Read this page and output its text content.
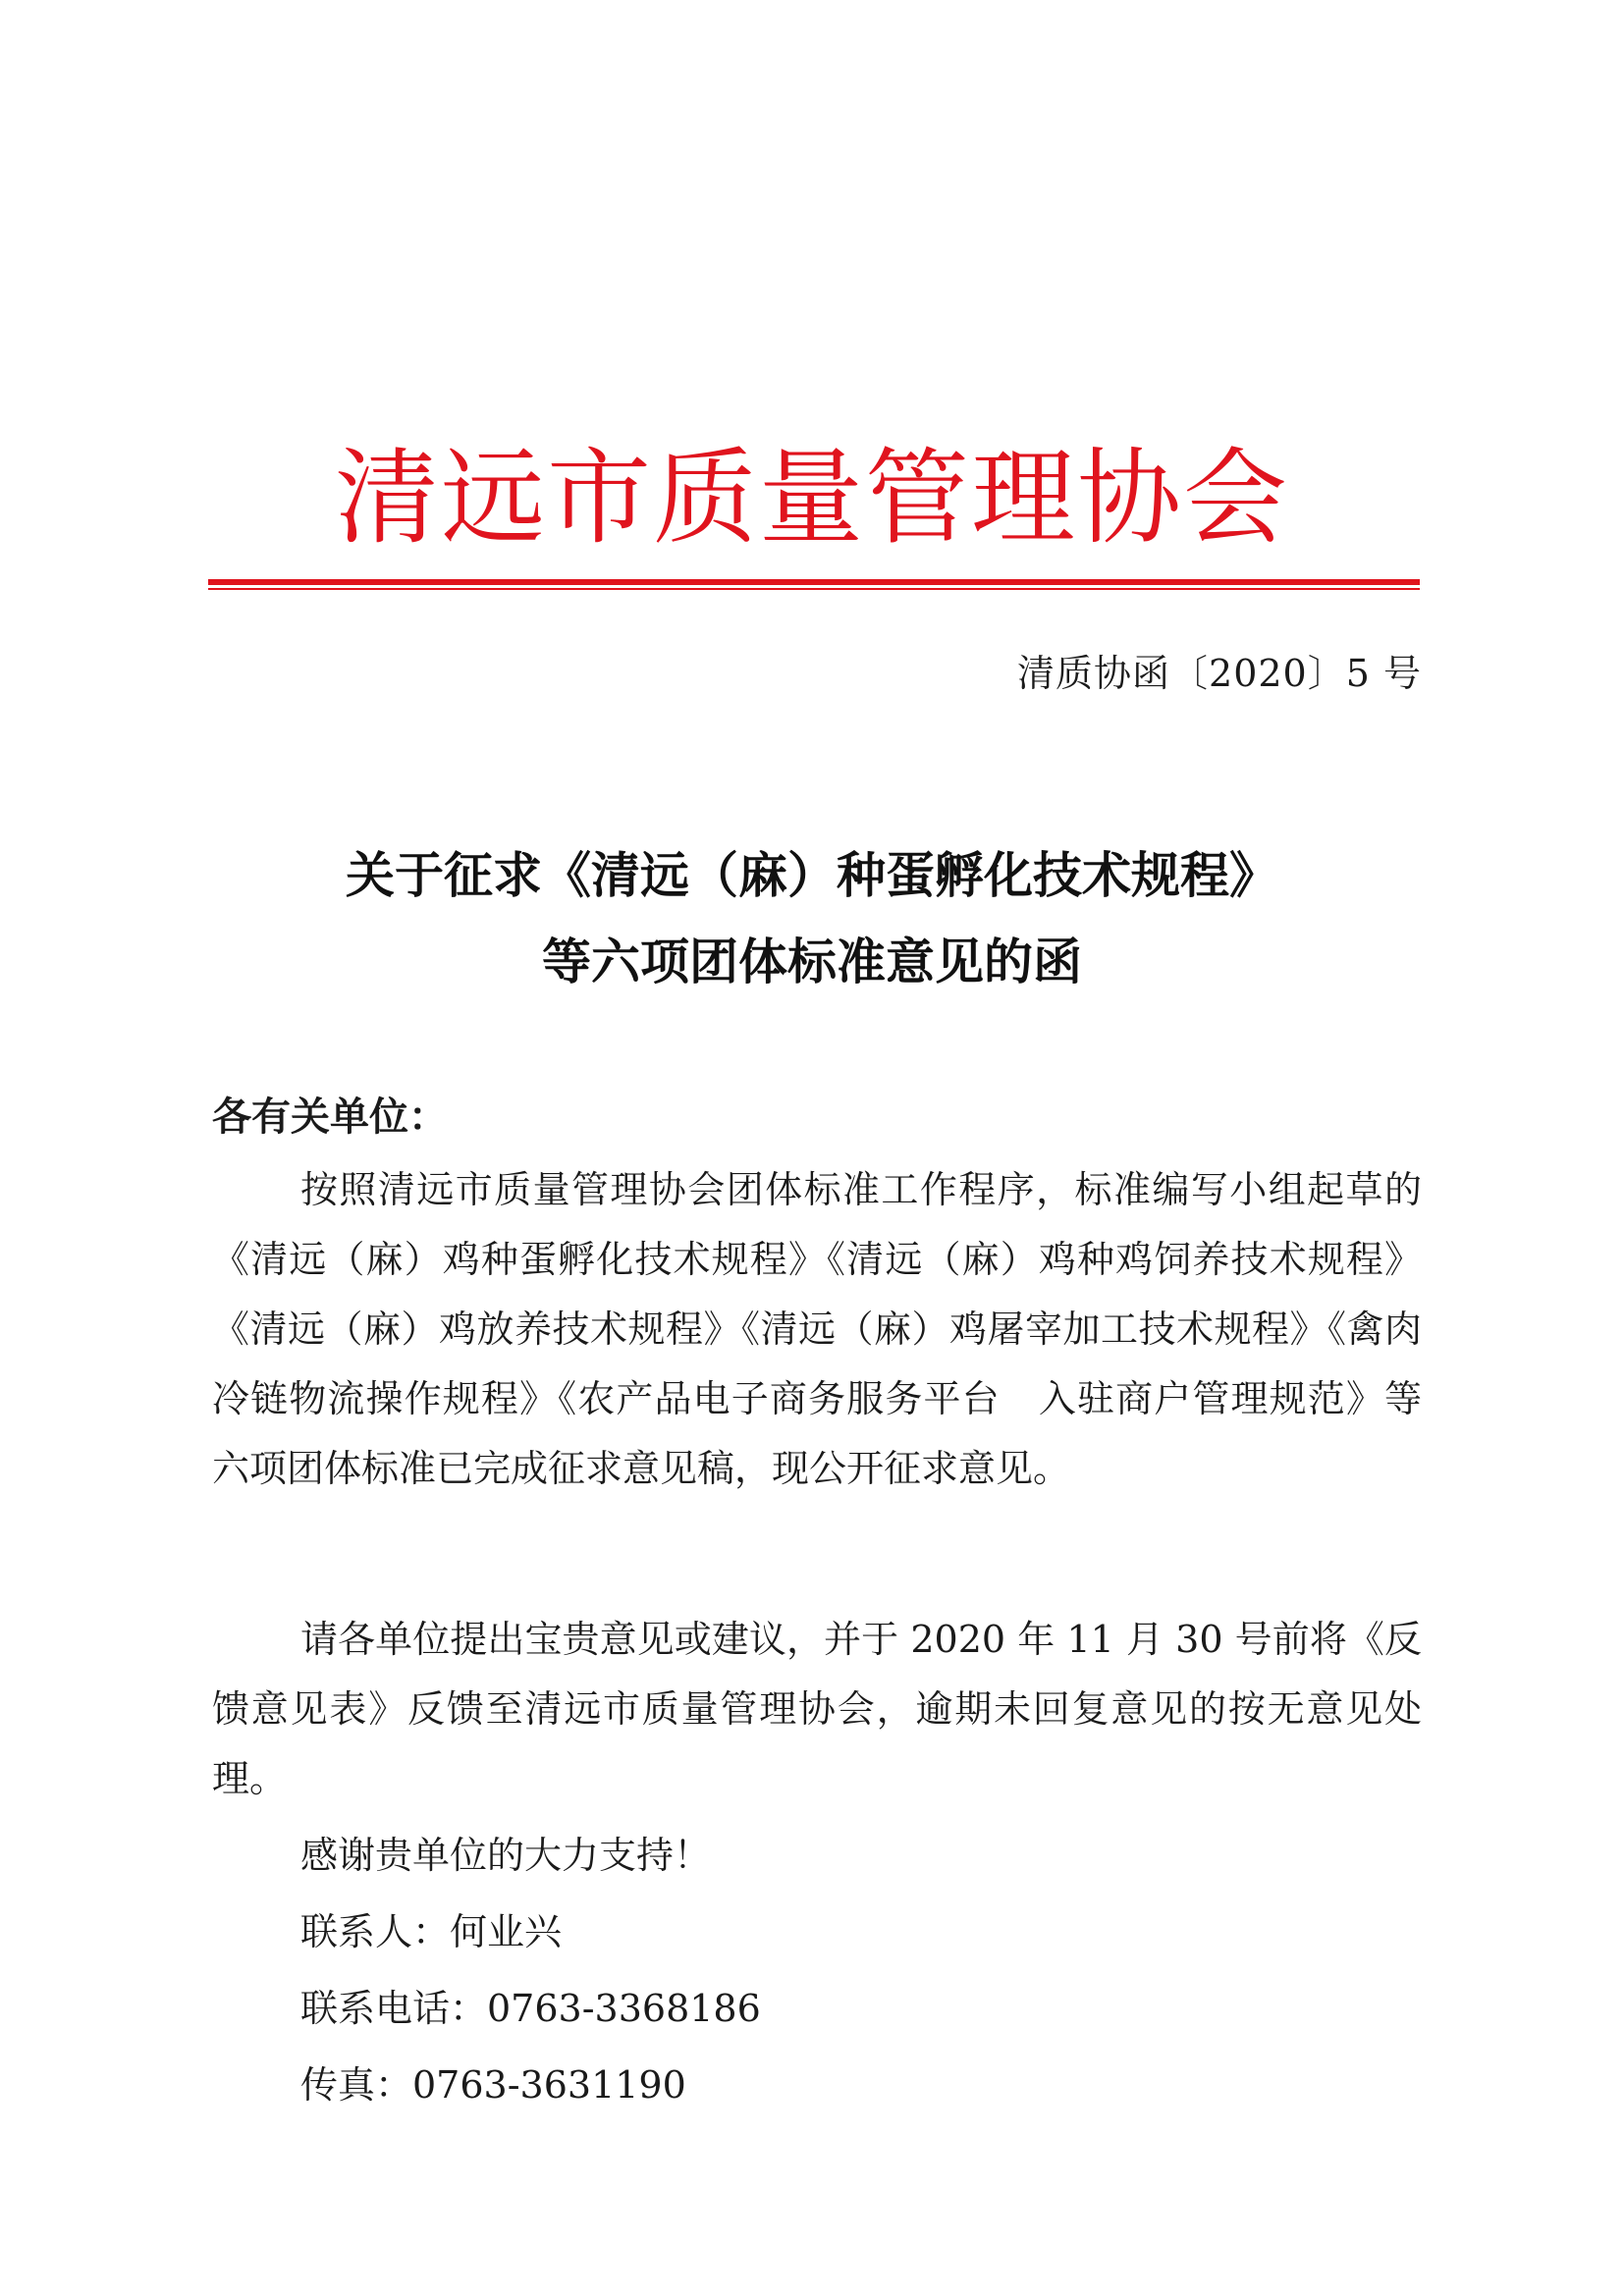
清远市质量管理协会
清质协函〔2020〕5 号
关于征求《清远（麻）种蛋孵化技术规程》
等六项团体标准意见的函
各有关单位：

按照清远市质量管理协会团体标准工作程序，标准编写小组起草的《清远（麻）鸡种蛋孵化技术规程》《清远（麻）鸡种鸡饲养技术规程》《清远（麻）鸡放养技术规程》《清远（麻）鸡屠宰加工技术规程》《禽肉冷链物流操作规程》《农产品电子商务服务平台　入驻商户管理规范》等六项团体标准已完成征求意见稿，现公开征求意见。

请各单位提出宝贵意见或建议，并于 2020 年 11 月 30 号前将《反馈意见表》反馈至清远市质量管理协会，逾期未回复意见的按无意见处理。

感谢贵单位的大力支持！
联系人：何业兴
联系电话：0763-3368186
传真：0763-3631190
